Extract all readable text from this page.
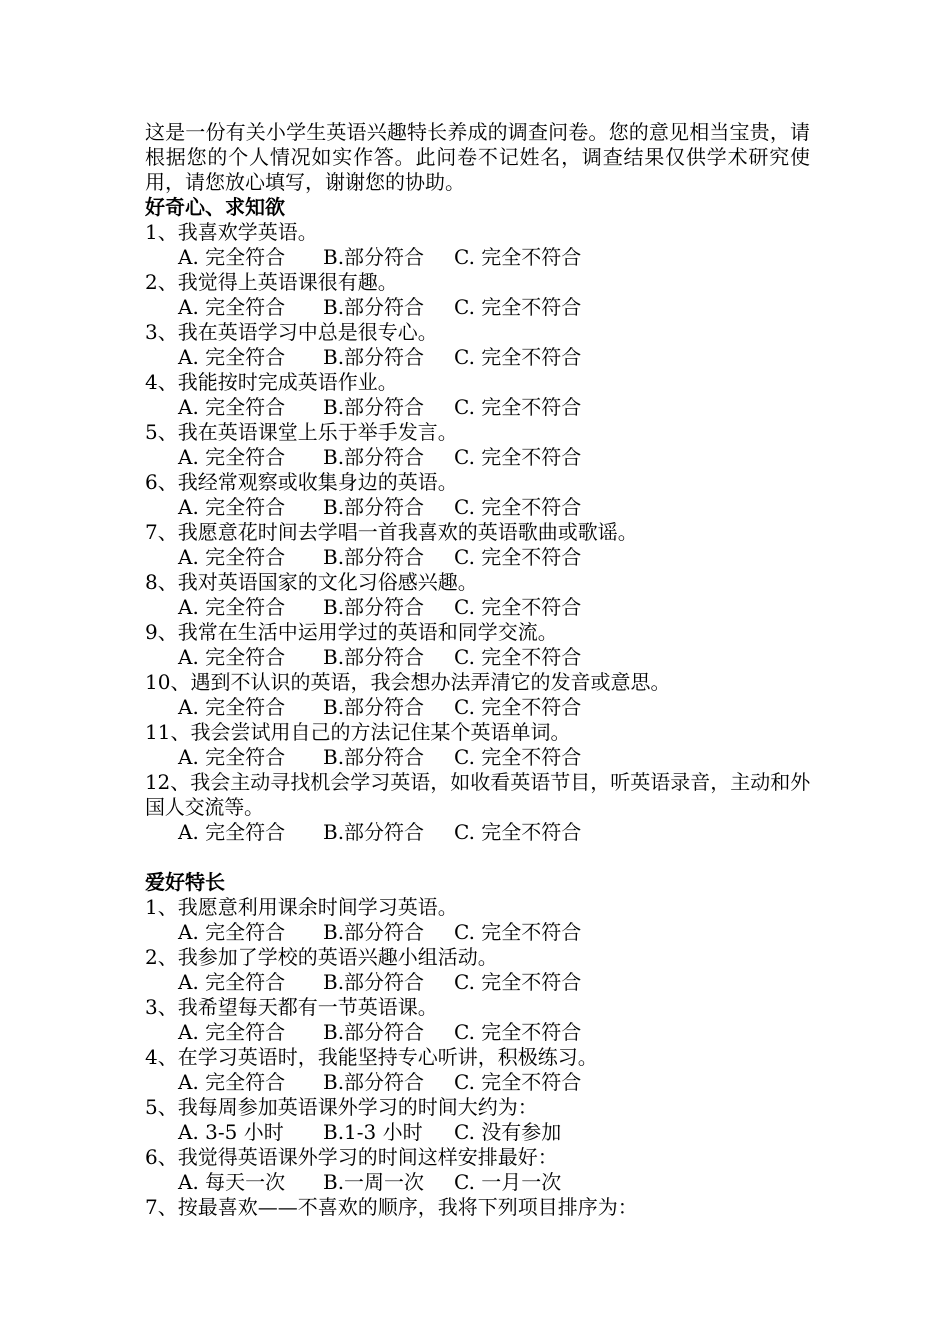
这是一份有关小学生英语兴趣特长养成的调查问卷。您的意见相当宝贵，请根据您的个人情况如实作答。此问卷不记姓名，调查结果仅供学术研究使用，请您放心填写，谢谢您的协助。
好奇心、求知欲
1、我喜欢学英语。
A. 完全符合 B.部分符合 C. 完全不符合
2、我觉得上英语课很有趣。
A. 完全符合 B.部分符合 C. 完全不符合
3、我在英语学习中总是很专心。
A. 完全符合 B.部分符合 C. 完全不符合
4、我能按时完成英语作业。
A. 完全符合 B.部分符合 C. 完全不符合
5、我在英语课堂上乐于举手发言。
A. 完全符合 B.部分符合 C. 完全不符合
6、我经常观察或收集身边的英语。
A. 完全符合 B.部分符合 C. 完全不符合
7、我愿意花时间去学唱一首我喜欢的英语歌曲或歌谣。
A. 完全符合 B.部分符合 C. 完全不符合
8、我对英语国家的文化习俗感兴趣。
A. 完全符合 B.部分符合 C. 完全不符合
9、我常在生活中运用学过的英语和同学交流。
A. 完全符合 B.部分符合 C. 完全不符合
10、遇到不认识的英语，我会想办法弄清它的发音或意思。
A. 完全符合 B.部分符合 C. 完全不符合
11、我会尝试用自己的方法记住某个英语单词。
A. 完全符合 B.部分符合 C. 完全不符合
12、我会主动寻找机会学习英语，如收看英语节目，听英语录音，主动和外国人交流等。
A. 完全符合 B.部分符合 C. 完全不符合
爱好特长
1、我愿意利用课余时间学习英语。
A. 完全符合 B.部分符合 C. 完全不符合
2、我参加了学校的英语兴趣小组活动。
A. 完全符合 B.部分符合 C. 完全不符合
3、我希望每天都有一节英语课。
A. 完全符合 B.部分符合 C. 完全不符合
4、在学习英语时，我能坚持专心听讲，积极练习。
A. 完全符合 B.部分符合 C. 完全不符合
5、我每周参加英语课外学习的时间大约为：
A. 3-5 小时 B.1-3 小时 C. 没有参加
6、我觉得英语课外学习的时间这样安排最好：
A. 每天一次 B.一周一次 C. 一月一次
7、按最喜欢——不喜欢的顺序，我将下列项目排序为：
